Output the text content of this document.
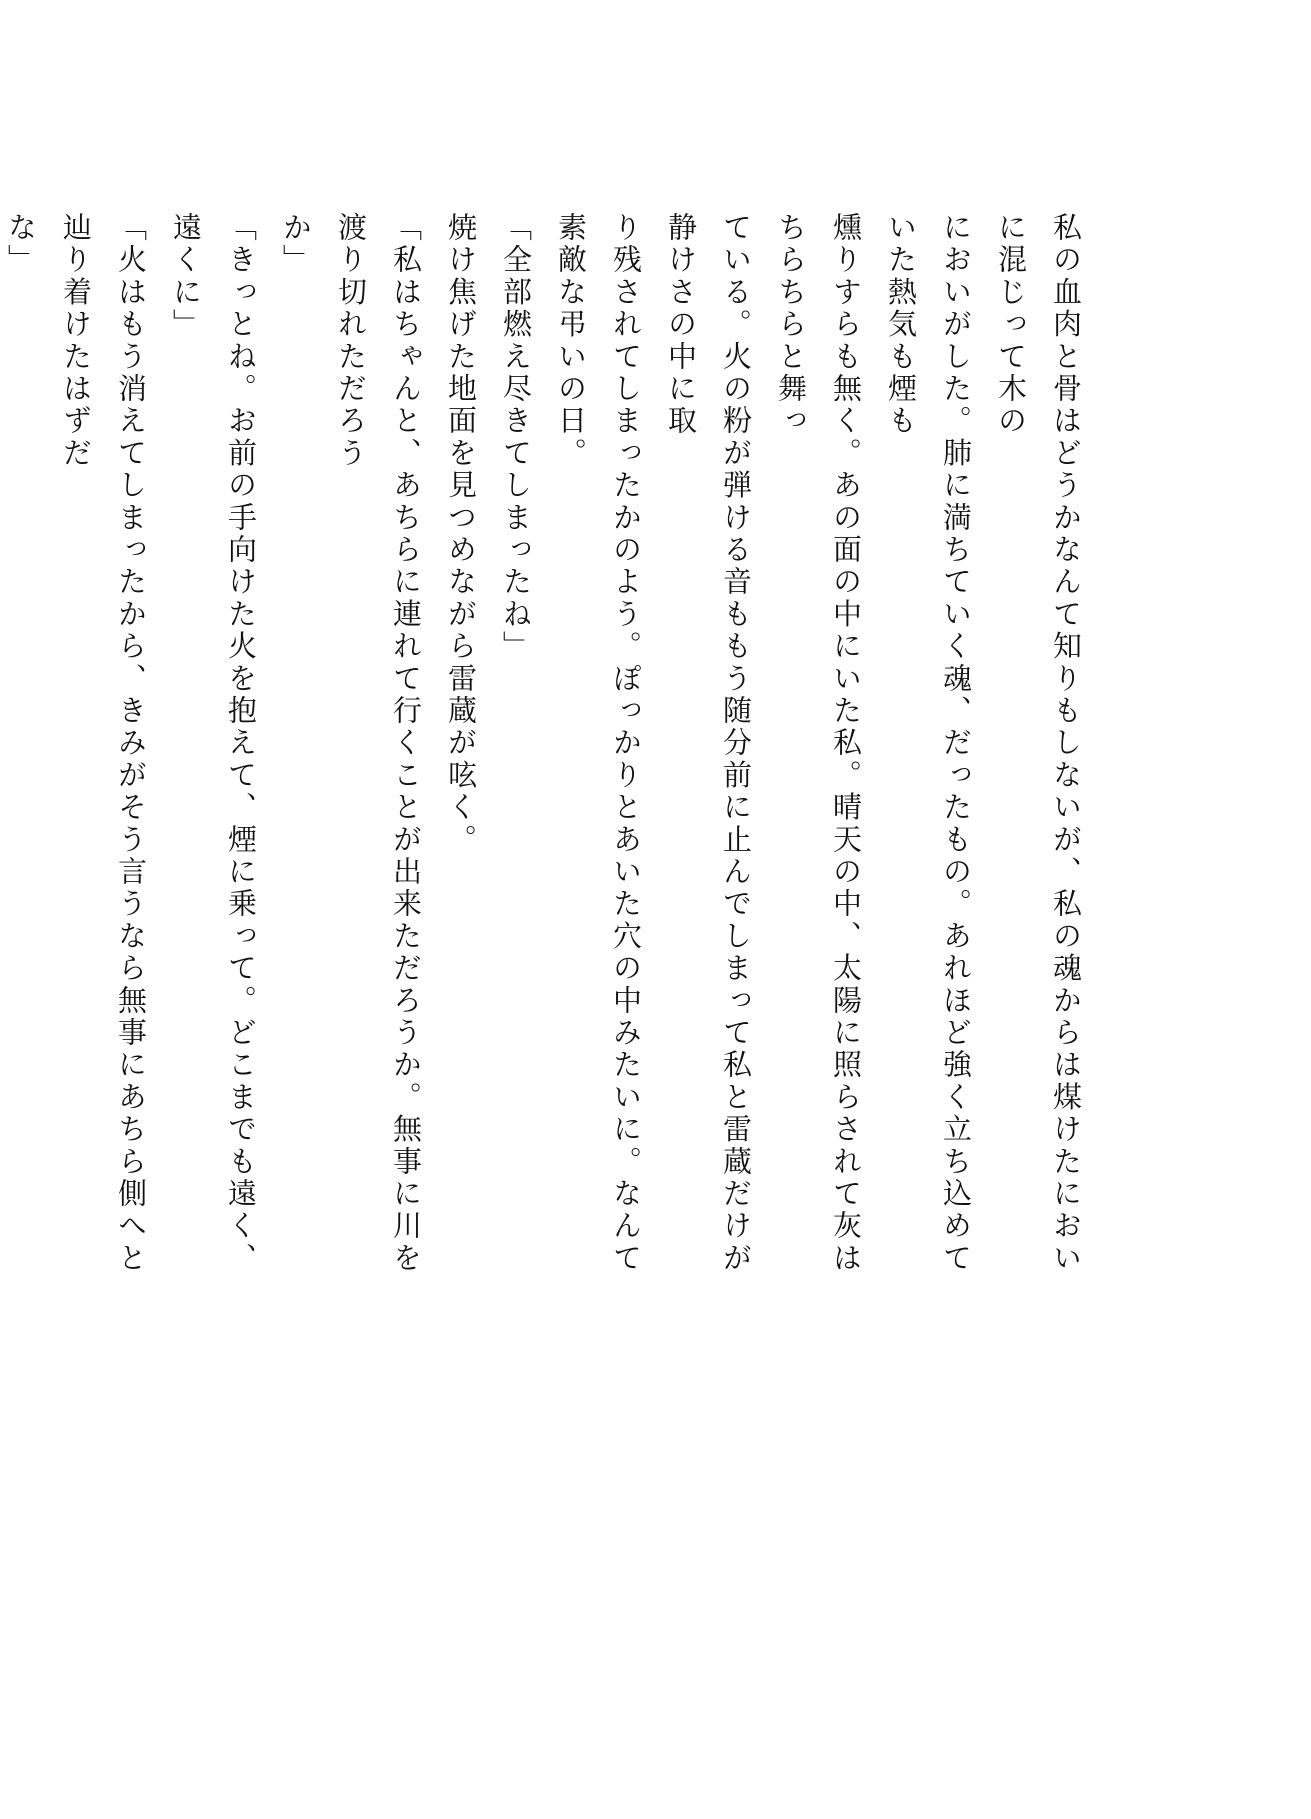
私の血肉と骨はどうかなんて知りもしないが、私の魂からは煤けたにおいに混じって木の
においがした。肺に満ちていく魂、だったもの。あれほど強く立ち込めていた熱気も煙も
燻りすらも無く。あの面の中にいた私。晴天の中、太陽に照らされて灰はちらちらと舞っ
ている。火の粉が弾ける音ももう随分前に止んでしまって私と雷蔵だけが静けさの中に取
り残されてしまったかのよう。ぽっかりとあいた穴の中みたいに。なんて素敵な弔いの日。
「全部燃え尽きてしまったね」
焼け焦げた地面を見つめながら雷蔵が呟く。
「私はちゃんと、あちらに連れて行くことが出来ただろうか。無事に川を渡り切れただろう
か」
「きっとね。お前の手向けた火を抱えて、煙に乗って。どこまでも遠く、遠くに」
「火はもう消えてしまったから、きみがそう言うなら無事にあちら側へと辿り着けたはずだ
な」
